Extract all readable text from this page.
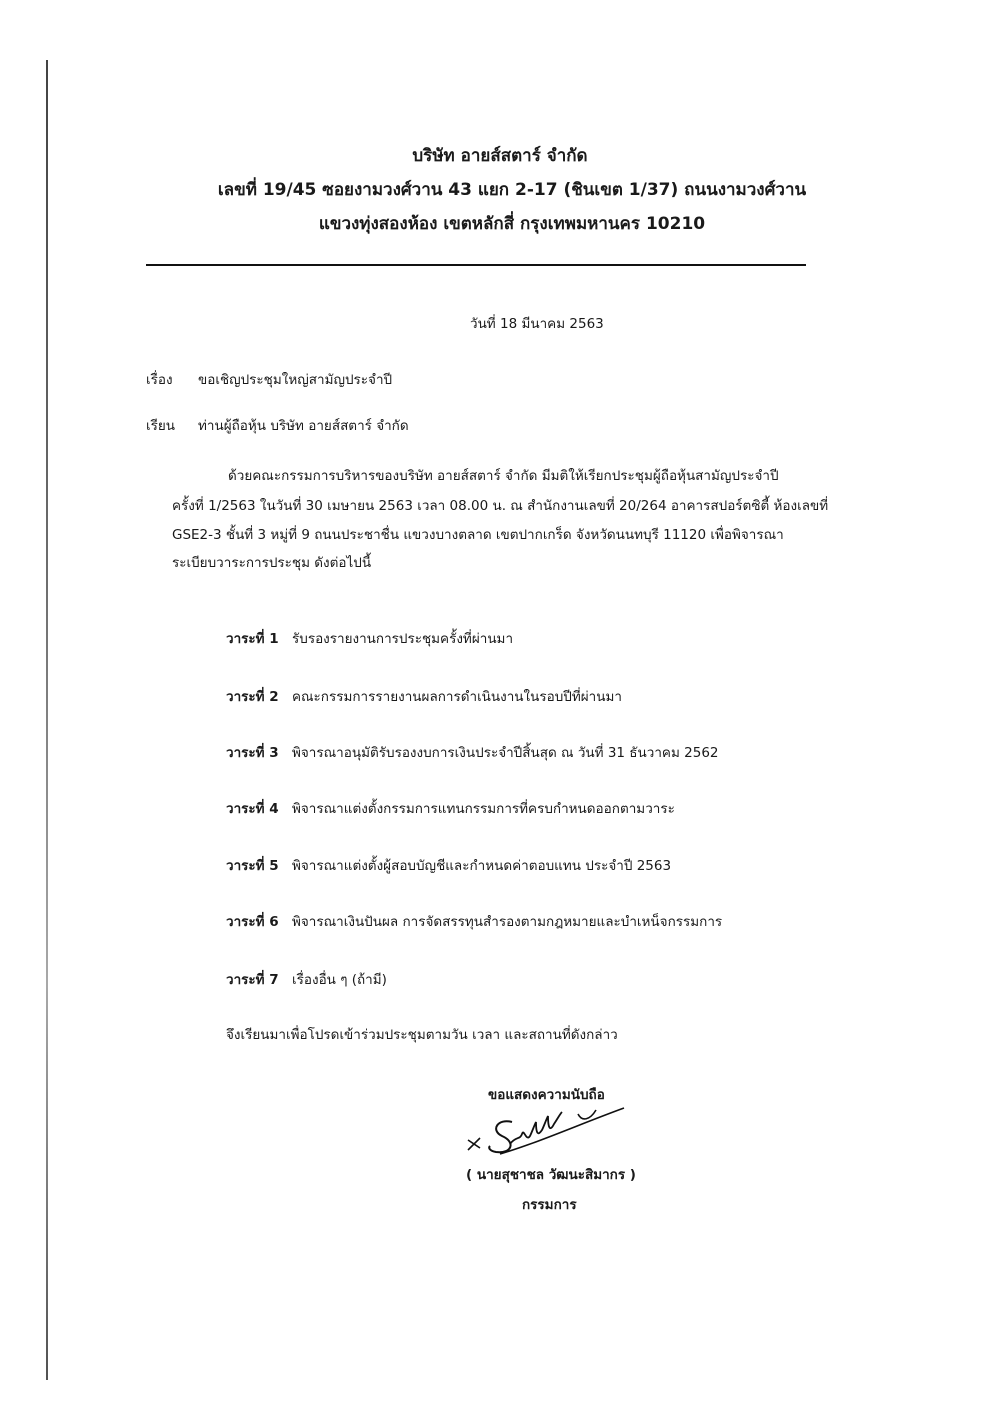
บริษัท อายส์สตาร์ จำกัด
เลขที่ 19/45 ซอยงามวงศ์วาน 43 แยก 2-17 (ชินเขต 1/37) ถนนงามวงศ์วาน
แขวงทุ่งสองห้อง เขตหลักสี่ กรุงเทพมหานคร 10210
วันที่ 18 มีนาคม 2563
เรื่อง ขอเชิญประชุมใหญ่สามัญประจำปี
เรียน ท่านผู้ถือหุ้น บริษัท อายส์สตาร์ จำกัด
ด้วยคณะกรรมการบริหารของบริษัท อายส์สตาร์ จำกัด มีมติให้เรียกประชุมผู้ถือหุ้นสามัญประจำปี
ครั้งที่ 1/2563 ในวันที่ 30 เมษายน 2563 เวลา 08.00 น. ณ สำนักงานเลขที่ 20/264 อาคารสปอร์ตซิตี้ ห้องเลขที่
GSE2-3 ชั้นที่ 3 หมู่ที่ 9 ถนนประชาชื่น แขวงบางตลาด เขตปากเกร็ด จังหวัดนนทบุรี 11120 เพื่อพิจารณา
ระเบียบวาระการประชุม ดังต่อไปนี้
วาระที่ 1 รับรองรายงานการประชุมครั้งที่ผ่านมา
วาระที่ 2 คณะกรรมการรายงานผลการดำเนินงานในรอบปีที่ผ่านมา
วาระที่ 3 พิจารณาอนุมัติรับรองงบการเงินประจำปีสิ้นสุด ณ วันที่ 31 ธันวาคม 2562
วาระที่ 4 พิจารณาแต่งตั้งกรรมการแทนกรรมการที่ครบกำหนดออกตามวาระ
วาระที่ 5 พิจารณาแต่งตั้งผู้สอบบัญชีและกำหนดค่าตอบแทน ประจำปี 2563
วาระที่ 6 พิจารณาเงินปันผล การจัดสรรทุนสำรองตามกฎหมายและบำเหน็จกรรมการ
วาระที่ 7 เรื่องอื่น ๆ (ถ้ามี)
จึงเรียนมาเพื่อโปรดเข้าร่วมประชุมตามวัน เวลา และสถานที่ดังกล่าว
ขอแสดงความนับถือ
( นายสุชาชล วัฒนะสิมากร )
กรรมการ
